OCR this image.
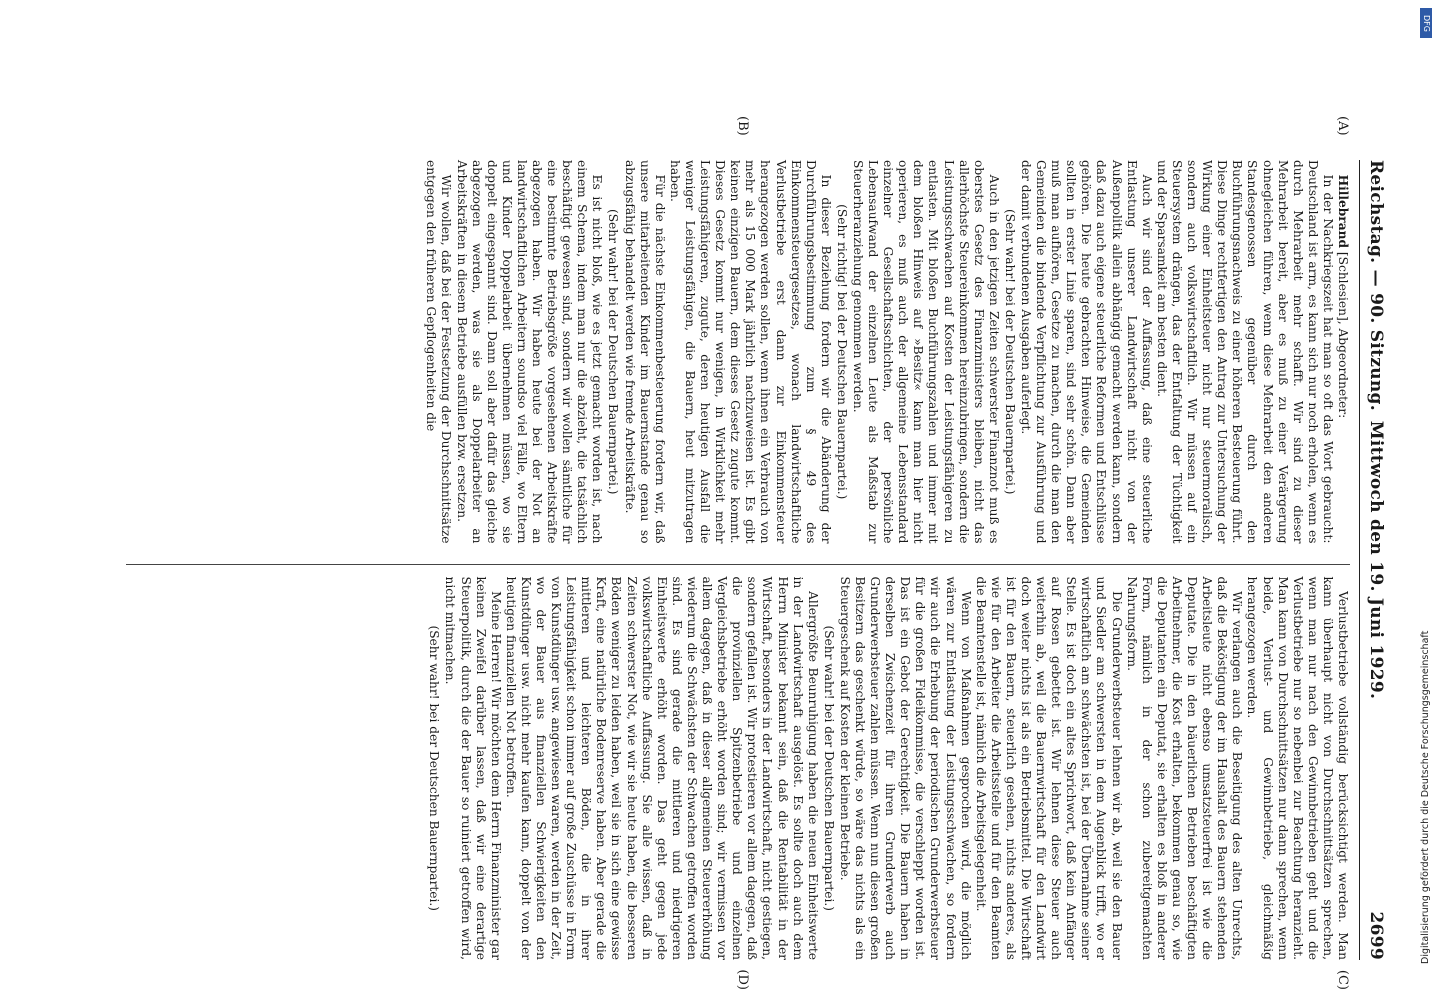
Reichstag. — 90. Sitzung.
Mittwoch den 19. Juni 1929.
2699
(A)
(B)

Hillebrand [Schlesien], Abgeordneter:

In der Nachkriegszeit hat man so oft das Wort gebraucht: Deutschland ist arm, es kann sich nur noch erholen, wenn es durch Mehrarbeit mehr schafft. Wir sind zu dieser Mehrarbeit bereit, aber es muß zu einer Verärgerung ohnegleichen führen, wenn diese Mehrarbeit den anderen Standesgenossen gegenüber durch den Buchführungsnachweis zu einer höheren Besteuerung führt. Diese Dinge rechtfertigen den Antrag zur Untersuchung der Wirkung einer Einheitsteuer nicht nur steuermoralisch, sondern auch volkswirtschaftlich. Wir müssen auf ein Steuersystem drängen, das der Entfaltung der Tüchtigkeit und der Sparsamkeit am besten dient.

Auch wir sind der Auffassung, daß eine steuerliche Entlastung unserer Landwirtschaft nicht von der Außenpolitik allein abhängig gemacht werden kann, sondern daß dazu auch eigene steuerliche Reformen und Entschlüsse gehören. Die heute gebrachten Hinweise, die Gemeinden sollten in erster Linie sparen, sind sehr schön. Dann aber muß man aufhören, Gesetze zu machen, durch die man den Gemeinden die bindende Verpflichtung zur Ausführung und der damit verbundenen Ausgaben auferlegt.

(Sehr wahr! bei der Deutschen Bauernpartei.)

Auch in den jetzigen Zeiten schwerster Finanznot muß es oberstes Gesetz des Finanzministers bleiben, nicht das allerhöchste Steuereinkommen hereinzubringen, sondern die Leistungsschwachen auf Kosten der Leistungsfähigeren zu entlasten. Mit bloßen Buchführungszahlen und immer mit dem bloßen Hinweis auf »Besitz« kann man hier nicht operieren, es muß auch der allgemeine Lebensstandard einzelner Gesellschaftsschichten, der persönliche Lebensaufwand der einzelnen Leute als Maßstab zur Steuerheranziehung genommen werden.

(Sehr richtig! bei der Deutschen Bauernpartei.)

In dieser Beziehung fordern wir die Abänderung der Durchführungsbestimmung zum § 49 des Einkommensteuergesetzes, wonach landwirtschaftliche Verlustbetriebe erst dann zur Einkommensteuer herangezogen werden sollen, wenn ihnen ein Verbrauch von mehr als 15 000 Mark jährlich nachzuweisen ist. Es gibt keinen einzigen Bauern, dem dieses Gesetz zugute kommt. Dieses Gesetz kommt nur wenigen, in Wirklichkeit mehr Leistungsfähigeren, zugute, deren heutigen Ausfall die weniger Leistungsfähigen, die Bauern, heut mitzutragen haben.

Für die nächste Einkommenbesteuerung fordern wir, daß unsere mitarbeitenden Kinder im Bauernstande genau so abzugsfähig behandelt werden wie fremde Arbeitskräfte.

(Sehr wahr! bei der Deutschen Bauernpartei.)

Es ist nicht bloß, wie es jetzt gemacht worden ist, nach einem Schema, indem man nur die abzieht, die tatsächlich beschäftigt gewesen sind, sondern wir wollen sämtliche für eine bestimmte Betriebsgröße vorgesehenen Arbeitskräfte abgezogen haben. Wir haben heute bei der Not an landwirtschaftlichen Arbeitern soundso viel Fälle, wo Eltern und Kinder Doppelarbeit übernehmen müssen, wo sie doppelt eingespannt sind. Dann soll aber dafür das gleiche abgezogen werden, was sie als Doppelarbeiter an Arbeitskräften in diesem Betriebe ausfüllen bzw. ersetzen.

Wir wollen, daß bei der Festsetzung der Durchschnittsätze entgegen den früheren Gepflogenheiten die

(C)
(D)

Verlustbetriebe vollständig berücksichtigt werden. Man kann überhaupt nicht von Durchschnittsätzen sprechen, wenn man nur nach den Gewinnbetrieben geht und die Verlustbetriebe nur so nebenbei zur Beachtung heranzieht. Man kann von Durchschnittsätzen nur dann sprechen, wenn beide, Verlust- und Gewinnbetriebe, gleichmäßig herangezogen werden.

Wir verlangen auch die Beseitigung des alten Unrechts, daß die Beköstigung der im Haushalt des Bauern stehenden Arbeitsleute nicht ebenso umsatzsteuerfrei ist wie die Deputate. Die in den bäuerlichen Betrieben beschäftigten Arbeitnehmer, die Kost erhalten, bekommen genau so, wie die Deputanten ein Deputat, sie erhalten es bloß in anderer Form, nämlich in der schon zubereitgemachten Nahrungsform.

Die Grunderwerbsteuer lehnen wir ab, weil sie den Bauer und Siedler am schwersten in dem Augenblick trifft, wo er wirtschaftlich am schwächsten ist, bei der Übernahme seiner Stelle. Es ist doch ein altes Sprichwort, daß kein Anfänger auf Rosen gebettet ist. Wir lehnen diese Steuer auch weiterhin ab, weil die Bauernwirtschaft für den Landwirt doch weiter nichts ist als ein Betriebsmittel. Die Wirtschaft ist für den Bauern, steuerlich gesehen, nichts anderes, als wie für den Arbeiter die Arbeitsstelle und für den Beamten die Beamtenstelle ist, nämlich die Arbeitsgelegenheit.

Wenn von Maßnahmen gesprochen wird, die möglich wären zur Entlastung der Leistungsschwachen, so fordern wir auch die Erhebung der periodischen Grunderwerbsteuer für die großen Fideikommisse, die verschleppt worden ist. Das ist ein Gebot der Gerechtigkeit. Die Bauern haben in derselben Zwischenzeit für ihren Grunderwerb auch Grunderwerbsteuer zahlen müssen. Wenn nun diesen großen Besitzern das geschenkt würde, so wäre das nichts als ein Steuergeschenk auf Kosten der kleinen Betriebe.

(Sehr wahr! bei der Deutschen Bauernpartei.)

Allergrößte Beunruhigung haben die neuen Einheitswerte in der Landwirtschaft ausgelöst. Es sollte doch auch dem Herrn Minister bekannt sein, daß die Rentabilität in der Wirtschaft, besonders in der Landwirtschaft, nicht gestiegen, sondern gefallen ist. Wir protestieren vor allem dagegen, daß die provinziellen Spitzenbetriebe und einzelnen Vergleichsbetriebe erhöht worden sind; wir vermissen vor allem dagegen, daß in dieser allgemeinen Steuererhöhung wiederum die Schwächsten der Schwachen getroffen worden sind. Es sind gerade die mittleren und niedrigeren Einheitswerte erhöht worden. Das geht gegen jede volkswirtschaftliche Auffassung. Sie alle wissen, daß in Zeiten schwerster Not, wie wir sie heute haben, die besseren Böden weniger zu leiden haben, weil sie in sich eine gewisse Kraft, eine natürliche Bodenreserve haben. Aber gerade die mittleren und leichteren Böden, die in ihrer Leistungsfähigkeit schon immer auf große Zuschüsse in Form von Kunstdünger usw. angewiesen waren, werden in der Zeit, wo der Bauer aus finanziellen Schwierigkeiten den Kunstdünger usw. nicht mehr kaufen kann, doppelt von der heutigen finanziellen Not betroffen.

Meine Herren! Wir möchten dem Herrn Finanzminister gar keinen Zweifel darüber lassen, daß wir eine derartige Steuerpolitik, durch die der Bauer so ruiniert getroffen wird, nicht mitmachen.

(Sehr wahr! bei der Deutschen Bauernpartei.)

DFG
Digitalisierung gefördert durch die Deutsche Forschungsgemeinschaft
